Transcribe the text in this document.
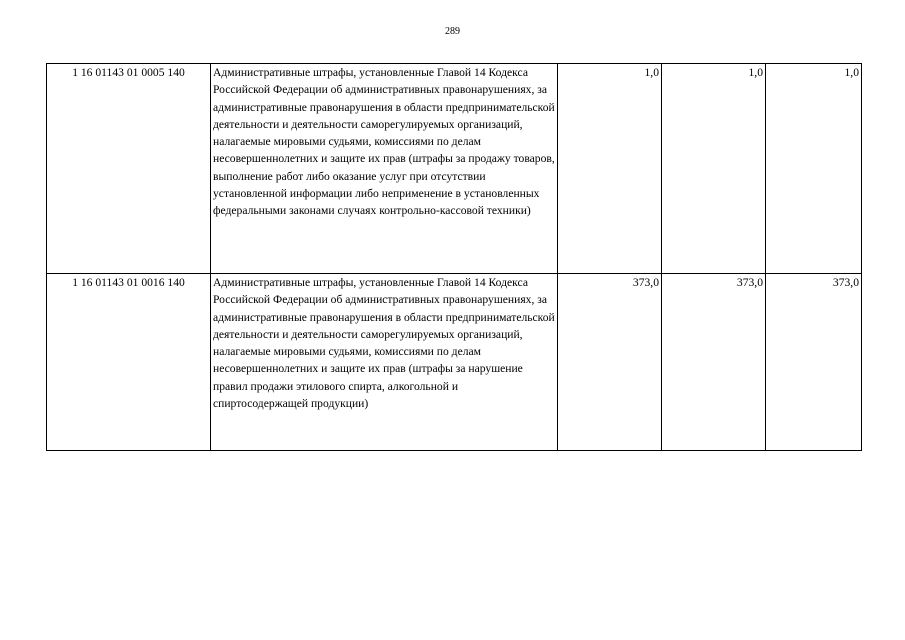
289
1 16 01143 01 0005 140	Административные штрафы, установленные Главой 14 Кодекса Российской Федерации об административных правонарушениях, за административные правонарушения в области предпринимательской деятельности и деятельности саморегулируемых организаций, налагаемые мировыми судьями, комиссиями по делам несовершеннолетних и защите их прав (штрафы за продажу товаров, выполнение работ либо оказание услуг при отсутствии установленной информации либо неприменение в установленных федеральными законами случаях контрольно-кассовой техники)	1,0	1,0	1,0
1 16 01143 01 0016 140	Административные штрафы, установленные Главой 14 Кодекса Российской Федерации об административных правонарушениях, за административные правонарушения в области предпринимательской деятельности и деятельности саморегулируемых организаций, налагаемые мировыми судьями, комиссиями по делам несовершеннолетних и защите их прав (штрафы за нарушение правил продажи этилового спирта, алкогольной и спиртосодержащей продукции)	373,0	373,0	373,0
